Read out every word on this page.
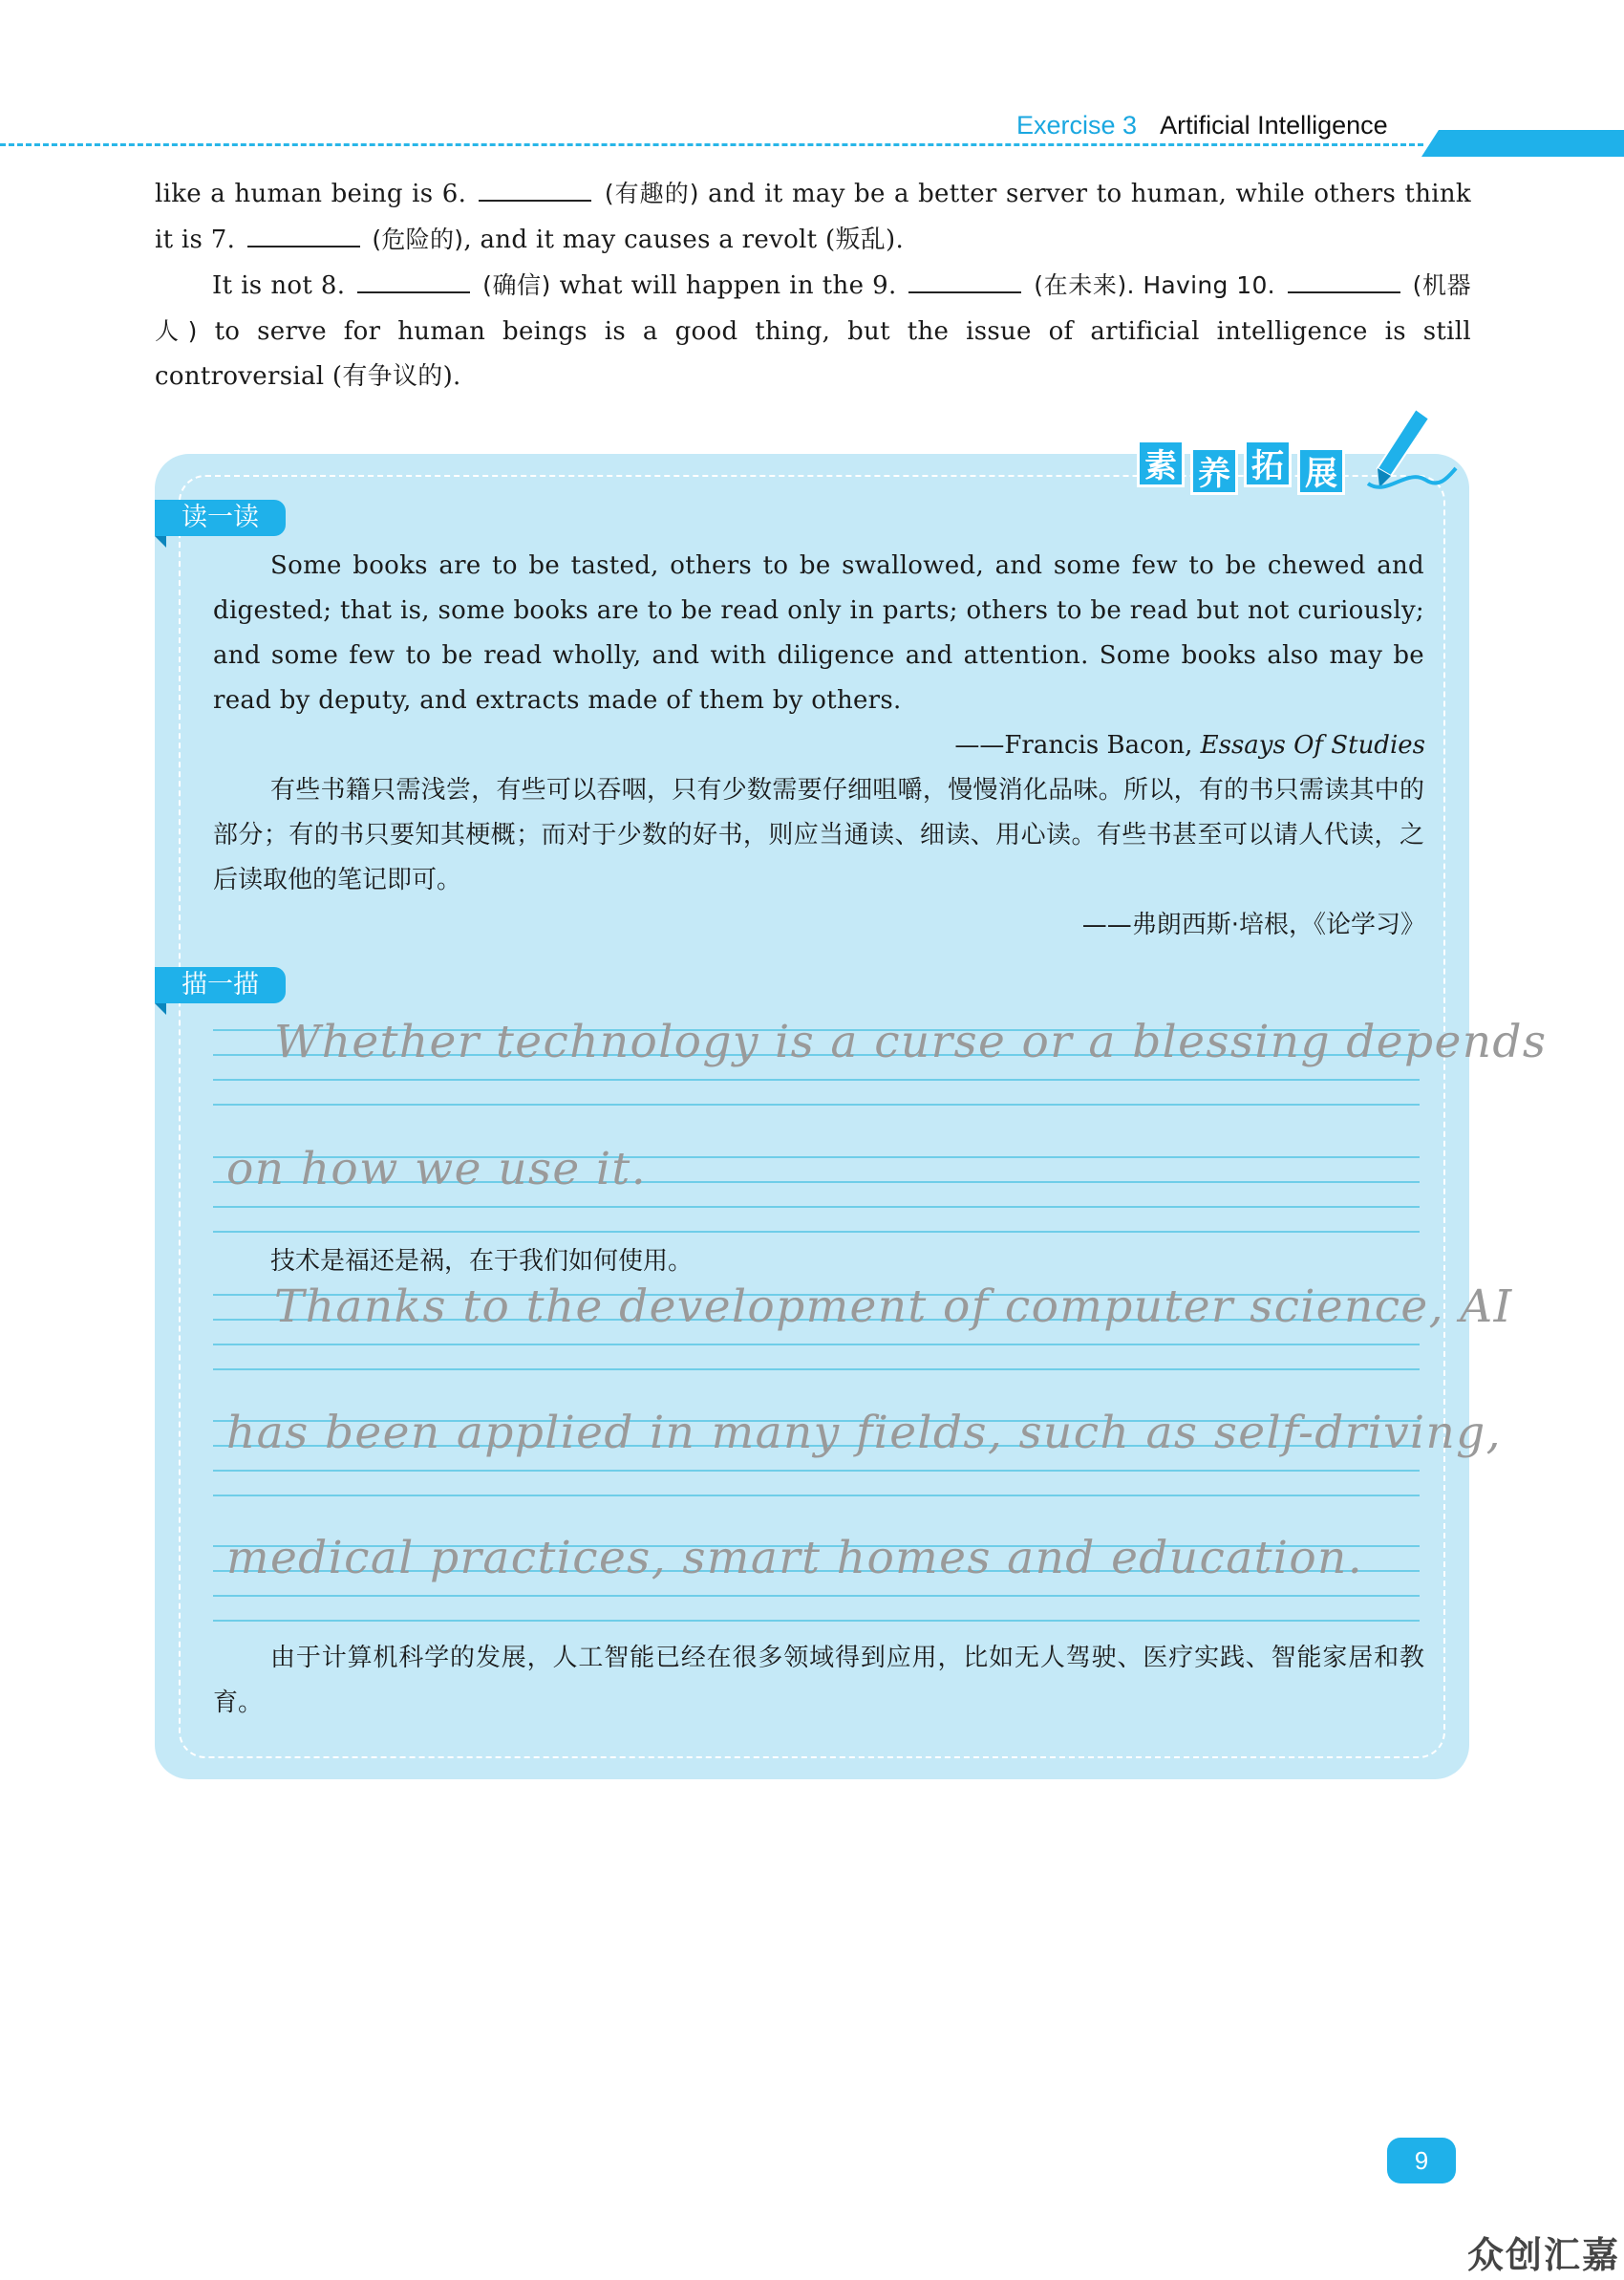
Exercise 3 Artificial Intelligence

like a human being is 6.	(有趣的) and it may be a better server to human, while others think it is 7.	(危险的), and it may causes a revolt (叛乱).

It is not 8.	(确信) what will happen in the 9.	(在未来). Having 10.	(机器人) to serve for human beings is a good thing, but the issue of artificial intelligence is still controversial (有争议的).

素 养 拓 展
读一读

Some books are to be tasted, others to be swallowed, and some few to be chewed and digested; that is, some books are to be read only in parts; others to be read but not curiously; and some few to be read wholly, and with diligence and attention. Some books also may be read by deputy, and extracts made of them by others.

——Francis Bacon, Essays Of Studies

有些书籍只需浅尝，有些可以吞咽，只有少数需要仔细咀嚼，慢慢消化品味。所以，有的书只需读其中的部分；有的书只要知其梗概；而对于少数的好书，则应当通读、细读、用心读。有些书甚至可以请人代读，之后读取他的笔记即可。

——弗朗西斯·培根，《论学习》
描一描
Whether technology is a curse or a blessing depends
on how we use it.

技术是福还是祸，在于我们如何使用。

Thanks to the development of computer science, AI
has been applied in many fields, such as self-driving,
medical practices, smart homes and education.

由于计算机科学的发展，人工智能已经在很多领域得到应用，比如无人驾驶、医疗实践、智能家居和教育。

9
众创汇嘉
